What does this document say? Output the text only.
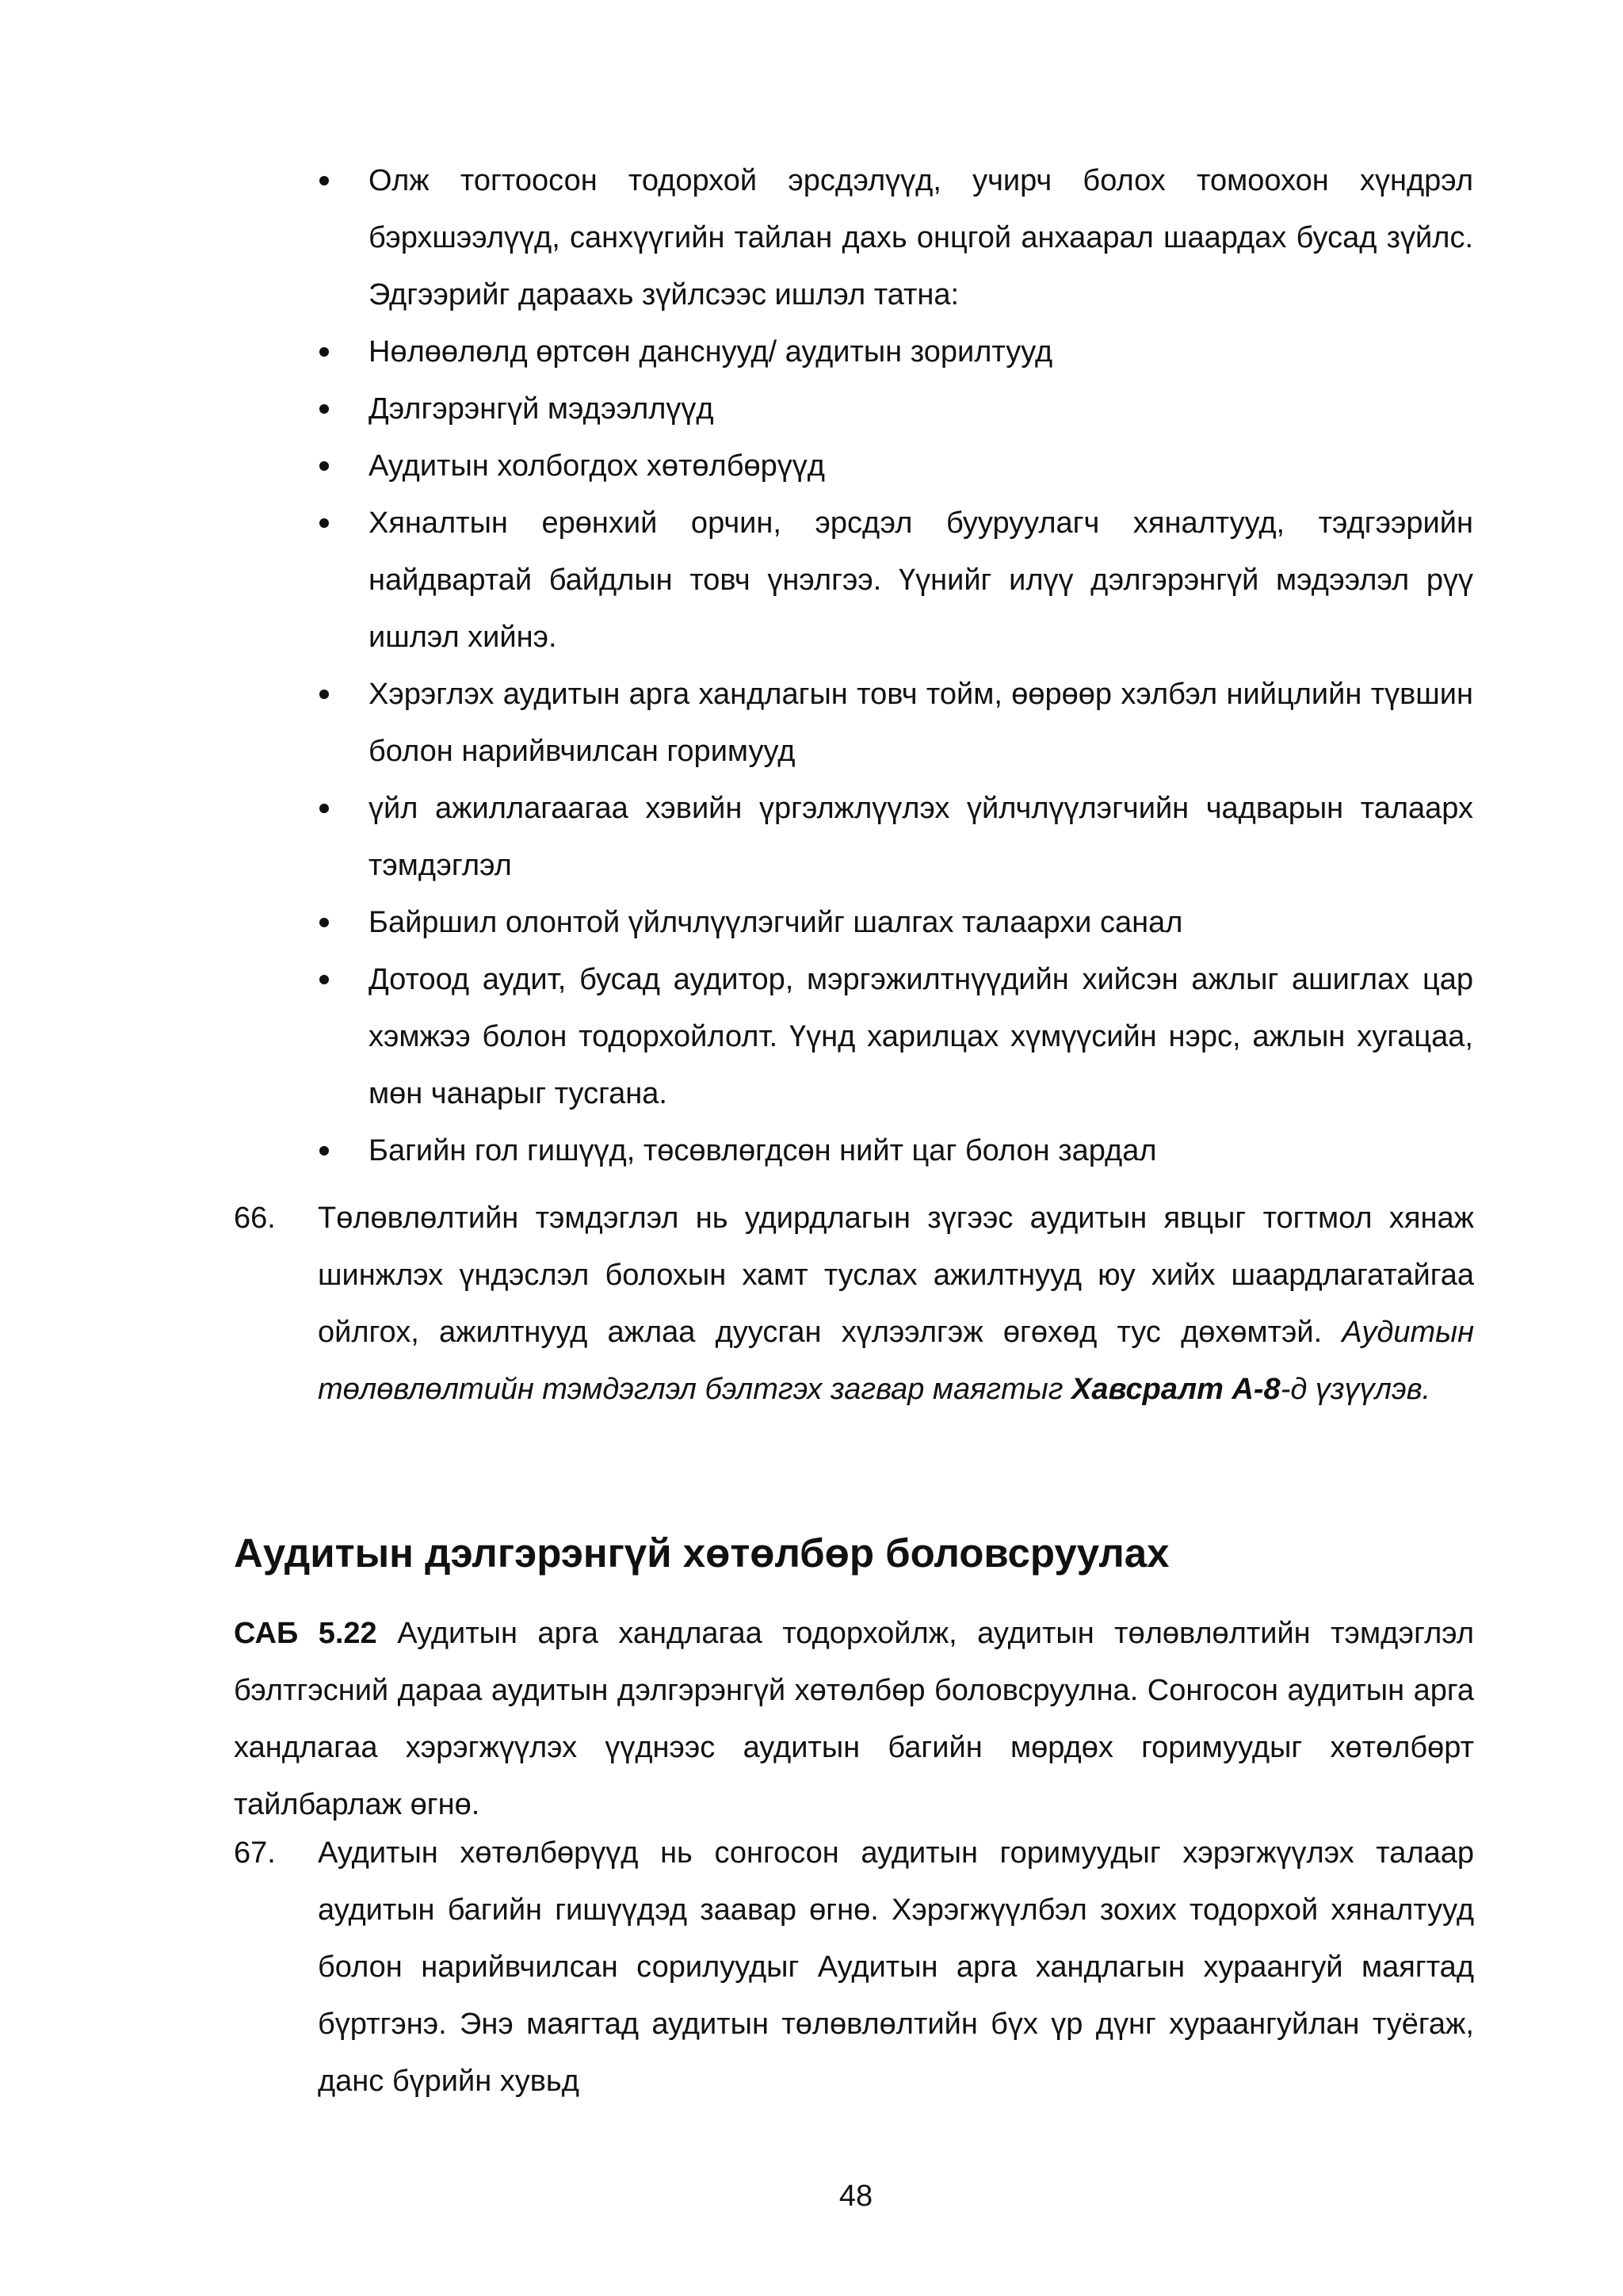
Олж тогтоосон тодорхой эрсдэлүүд, учирч болох томоохон хүндрэл бэрхшээлүүд, санхүүгийн тайлан дахь онцгой анхаарал шаардах бусад зүйлс. Эдгээрийг дараахь зүйлсээс ишлэл татна:
Нөлөөлөлд өртсөн данснууд/ аудитын зорилтууд
Дэлгэрэнгүй мэдээллүүд
Аудитын холбогдох хөтөлбөрүүд
Хяналтын ерөнхий орчин, эрсдэл бууруулагч хяналтууд, тэдгээрийн найдвартай байдлын товч үнэлгээ. Үүнийг илүү дэлгэрэнгүй мэдээлэл рүү ишлэл хийнэ.
Хэрэглэх аудитын арга хандлагын товч тойм, өөрөөр хэлбэл нийцлийн түвшин болон нарийвчилсан горимууд
үйл ажиллагаагаа хэвийн үргэлжлүүлэх үйлчлүүлэгчийн чадварын талаарх тэмдэглэл
Байршил олонтой үйлчлүүлэгчийг шалгах талаархи санал
Дотоод аудит, бусад аудитор, мэргэжилтнүүдийн хийсэн ажлыг ашиглах цар хэмжээ болон тодорхойлолт. Үүнд харилцах хүмүүсийн нэрс, ажлын хугацаа, мөн чанарыг тусгана.
Багийн гол гишүүд, төсөвлөгдсөн нийт цаг болон зардал

66. Төлөвлөлтийн тэмдэглэл нь удирдлагын зүгээс аудитын явцыг тогтмол хянаж шинжлэх үндэслэл болохын хамт туслах ажилтнууд юу хийх шаардлагатайгаа ойлгох, ажилтнууд ажлаа дуусган хүлээлгэж өгөхөд тус дөхөмтэй. Аудитын төлөвлөлтийн тэмдэглэл бэлтгэх загвар маягтыг Хавсралт А-8-д үзүүлэв.

Аудитын дэлгэрэнгүй хөтөлбөр боловсруулах

САБ 5.22 Аудитын арга хандлагаа тодорхойлж, аудитын төлөвлөлтийн тэмдэглэл бэлтгэсний дараа аудитын дэлгэрэнгүй хөтөлбөр боловсруулна. Сонгосон аудитын арга хандлагаа хэрэгжүүлэх үүднээс аудитын багийн мөрдөх горимуудыг хөтөлбөрт тайлбарлаж өгнө.

67. Аудитын хөтөлбөрүүд нь сонгосон аудитын горимуудыг хэрэгжүүлэх талаар аудитын багийн гишүүдэд заавар өгнө. Хэрэгжүүлбэл зохих тодорхой хяналтууд болон нарийвчилсан сорилуудыг Аудитын арга хандлагын хураангуй маягтад бүртгэнэ. Энэ маягтад аудитын төлөвлөлтийн бүх үр дүнг хураангуйлан туёгаж, данс бүрийн хувьд

48
